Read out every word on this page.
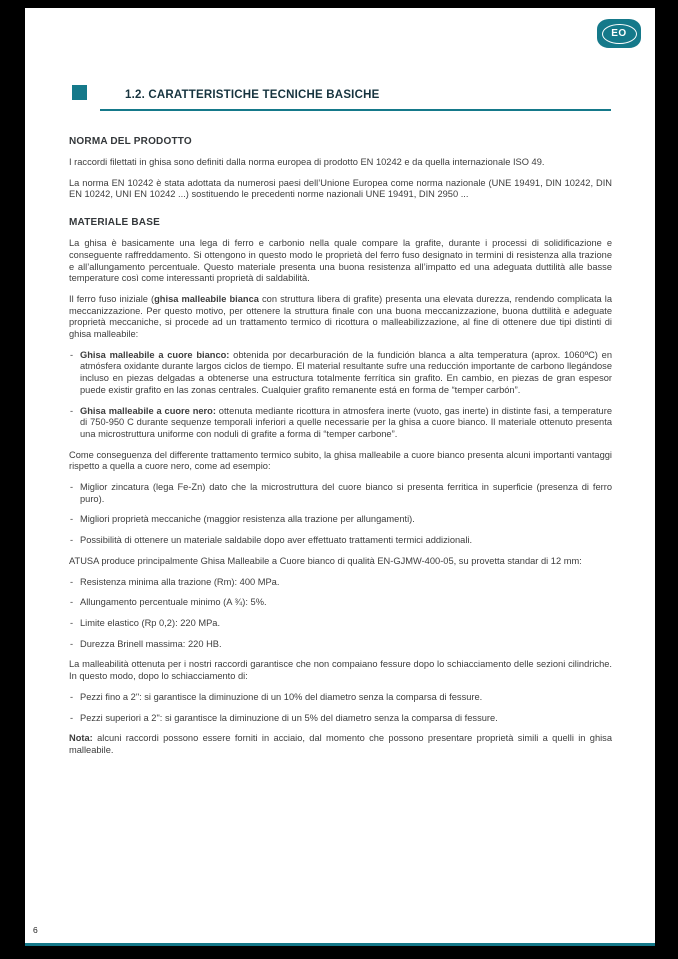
EO
1.2. CARATTERISTICHE TECNICHE BASICHE
NORMA DEL PRODOTTO
I raccordi filettati in ghisa sono definiti dalla norma europea di prodotto EN 10242 e da quella internazionale ISO 49.
La norma EN 10242 è stata adottata da numerosi paesi dell’Unione Europea come norma nazionale (UNE 19491, DIN 10242, DIN EN 10242, UNI EN 10242 ...) sostituendo le precedenti norme nazionali UNE 19491, DIN 2950 ...
MATERIALE BASE
La ghisa è basicamente una lega di ferro e carbonio nella quale compare la grafite, durante i processi di solidificazione e conseguente raffreddamento. Si ottengono in questo modo le proprietà del ferro fuso designato in termini di resistenza alla trazione e all’allungamento percentuale. Questo materiale presenta una buona resistenza all’impatto ed una adeguata duttilità alle basse temperature così come interessanti proprietà di saldabilità.
Il ferro fuso iniziale (ghisa malleabile bianca con struttura libera di grafite) presenta una elevata durezza, rendendo complicata la meccanizzazione. Per questo motivo, per ottenere la struttura finale con una buona meccanizzazione, buona duttilità e adeguate proprietà meccaniche, si procede ad un trattamento termico di ricottura o malleabilizzazione, al fine di ottenere due tipi distinti di ghisa malleabile:
- Ghisa malleabile a cuore bianco: obtenida por decarburación de la fundición blanca a alta temperatura (aprox. 1060ºC) en atmósfera oxidante durante largos ciclos de tiempo. El material resultante sufre una reducción importante de carbono llegándose incluso en piezas delgadas a obtenerse una estructura totalmente ferrítica sin grafito. En cambio, en piezas de gran espesor puede existir grafito en las zonas centrales. Cualquier grafito remanente está en forma de “temper carbón”.
- Ghisa malleabile a cuore nero: ottenuta mediante ricottura in atmosfera inerte (vuoto, gas inerte) in distinte fasi, a temperature di 750-950 C durante sequenze temporali inferiori a quelle necessarie per la ghisa a cuore bianco. Il materiale ottenuto presenta una microstruttura uniforme con noduli di grafite a forma di “temper carbone”.
Come conseguenza del differente trattamento termico subito, la ghisa malleabile a cuore bianco presenta alcuni importanti vantaggi rispetto a quella a cuore nero, come ad esempio:
- Miglior zincatura (lega Fe-Zn) dato che la microstruttura del cuore bianco si presenta ferritica in superficie (presenza di ferro puro).
- Migliori proprietà meccaniche (maggior resistenza alla trazione per allungamenti).
- Possibilità di ottenere un materiale saldabile dopo aver effettuato trattamenti termici addizionali.
ATUSA produce principalmente Ghisa Malleabile a Cuore bianco di qualità EN-GJMW-400-05, su provetta standar di 12 mm:
- Resistenza minima alla trazione (Rm): 400 MPa.
- Allungamento percentuale minimo (A ¾): 5%.
- Limite elastico (Rp 0,2): 220 MPa.
- Durezza Brinell massima: 220 HB.
La malleabilità ottenuta per i nostri raccordi garantisce che non compaiano fessure dopo lo schiacciamento delle sezioni cilindriche. In questo modo, dopo lo schiacciamento di:
- Pezzi fino a 2": si garantisce la diminuzione di un 10% del diametro senza la comparsa di fessure.
- Pezzi superiori a 2": si garantisce la diminuzione di un 5% del diametro senza la comparsa di fessure.
Nota: alcuni raccordi possono essere forniti in acciaio, dal momento che possono presentare proprietà simili a quelli in ghisa malleabile.
6
